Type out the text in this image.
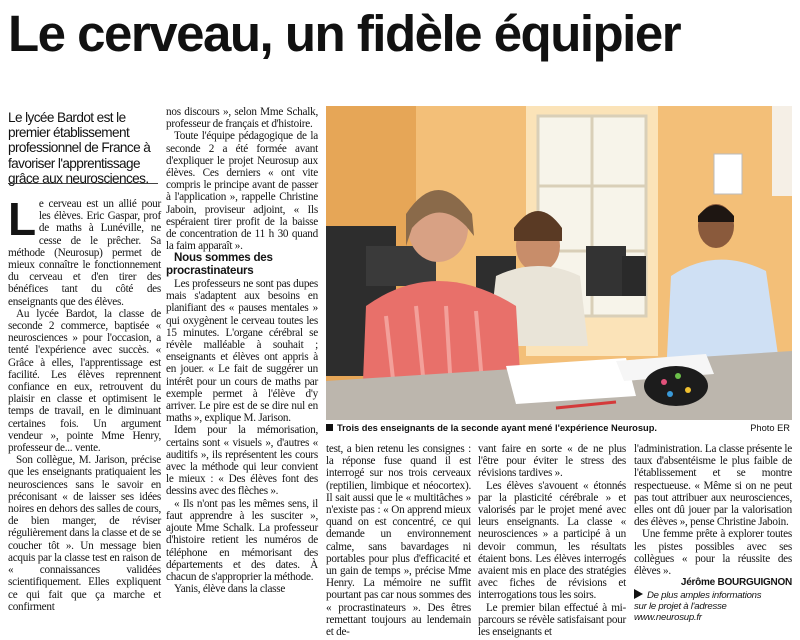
Le cerveau, un fidèle équipier
Le lycée Bardot est le premier établissement professionnel de France à favoriser l'apprentissage grâce aux neurosciences.

Le cerveau est un allié pour les élèves. Eric Gaspar, prof de maths à Lunéville, ne cesse de le prêcher. Sa méthode (Neurosup) permet de mieux connaître le fonctionnement du cerveau et d'en tirer des bénéfices tant du côté des enseignants que des élèves.

Au lycée Bardot, la classe de seconde 2 commerce, baptisée « neurosciences » pour l'occasion, a tenté l'expérience avec succès. « Grâce à elles, l'apprentissage est facilité. Les élèves reprennent confiance en eux, retrouvent du plaisir en classe et optimisent le temps de travail, en le diminuant certaines fois. Un argument vendeur », pointe Mme Henry, professeur de... vente.

Son collègue, M. Jarison, précise que les enseignants pratiquaient les neurosciences sans le savoir en préconisant « de laisser ses idées noires en dehors des salles de cours, de bien manger, de réviser régulièrement dans la classe et de se coucher tôt ». Un message bien acquis par la classe test en raison de « connaissances validées scientifiquement. Elles expliquent ce qui fait que ça marche et confirment

nos discours », selon Mme Schalk, professeur de français et d'histoire.

Toute l'équipe pédagogique de la seconde 2 a été formée avant d'expliquer le projet Neurosup aux élèves. Ces derniers « ont vite compris le principe avant de passer à l'application », rappelle Christine Jaboin, proviseur adjoint, « Ils espéraient tirer profit de la baisse de concentration de 11 h 30 quand la faim apparaît ».

Nous sommes des procrastinateurs

Les professeurs ne sont pas dupes mais s'adaptent aux besoins en planifiant des « pauses mentales » qui oxygènent le cerveau toutes les 15 minutes. L'organe cérébral se révèle malléable à souhait ; enseignants et élèves ont appris à en jouer. « Le fait de suggérer un intérêt pour un cours de maths par exemple permet à l'élève d'y arriver. Le pire est de se dire nul en maths », explique M. Jarison.

Idem pour la mémorisation, certains sont « visuels », d'autres « auditifs », ils représentent les cours avec la méthode qui leur convient le mieux : « Des élèves font des dessins avec des flèches ».

« Ils n'ont pas les mêmes sens, il faut apprendre à les susciter », ajoute Mme Schalk. La professeur d'histoire retient les numéros de téléphone en mémorisant des départements et des dates. À chacun de s'approprier la méthode.

Yanis, élève dans la classe

Trois des enseignants de la seconde ayant mené l'expérience Neurosup.	Photo ER

test, a bien retenu les consignes : la réponse fuse quand il est interrogé sur nos trois cerveaux (reptilien, limbique et néocortex). Il sait aussi que le « multitâches » n'existe pas : « On apprend mieux quand on est concentré, ce qui demande un environnement calme, sans bavardages ni portables pour plus d'efficacité et un gain de temps », précise Mme Henry. La mémoire ne suffit pourtant pas car nous sommes des « procrastinateurs ». Des êtres remettant toujours au lendemain et de-

vant faire en sorte « de ne plus l'être pour éviter le stress des révisions tardives ».

Les élèves s'avouent « étonnés par la plasticité cérébrale » et valorisés par le projet mené avec leurs enseignants. La classe « neurosciences » a participé à un devoir commun, les résultats étaient bons. Les élèves interrogés avaient mis en place des stratégies avec fiches de révisions et interrogations tous les soirs.

Le premier bilan effectué à mi-parcours se révèle satisfaisant pour les enseignants et

l'administration. La classe présente le taux d'absentéisme le plus faible de l'établissement et se montre respectueuse. « Même si on ne peut pas tout attribuer aux neurosciences, elles ont dû jouer par la valorisation des élèves », pense Christine Jaboin.

Une femme prête à explorer toutes les pistes possibles avec ses collègues « pour la réussite des élèves ».

Jérôme BOURGUIGNON
De plus amples informations
sur le projet à l'adresse
www.neurosup.fr
